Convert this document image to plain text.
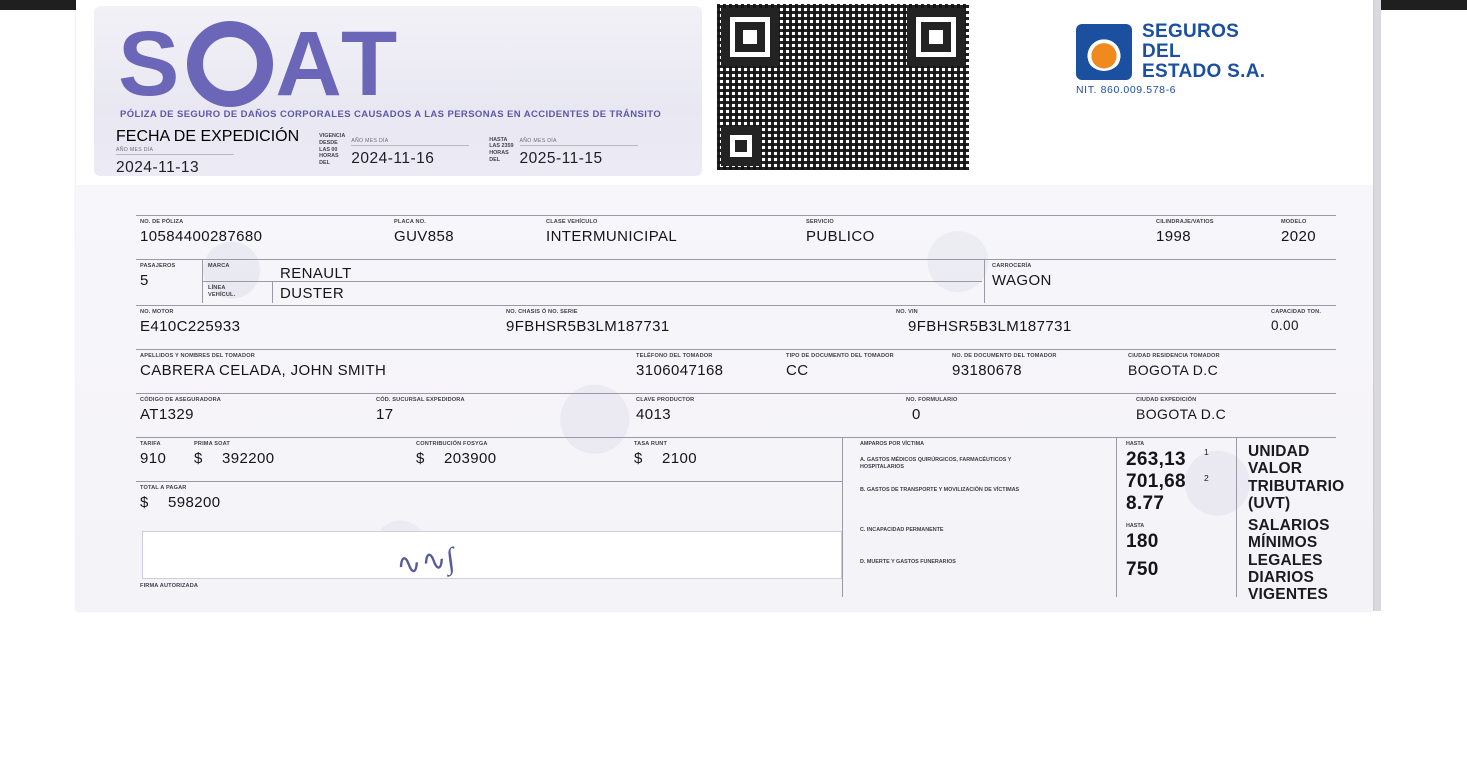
S AT
PÓLIZA DE SEGURO DE DAÑOS CORPORALES CAUSADOS A LAS PERSONAS EN ACCIDENTES DE TRÁNSITO
FECHA DE EXPEDICIÓN
AÑO MES DÍA
2024-11-13
VIGENCIA
DESDE
LAS 00
HORAS
DEL
AÑO MES DÍA
2024-11-16
HASTA
LAS 2359
HORAS
DEL
AÑO MES DÍA
2025-11-15
SEGUROS
DEL
ESTADO S.A.
NIT. 860.009.578-6
NO. DE PÓLIZA
10584400287680
PLACA NO.
GUV858
CLASE VEHÍCULO
INTERMUNICIPAL
SERVICIO
PUBLICO
CILINDRAJE/VATIOS
1998
MODELO
2020
PASAJEROS
5
MARCA	RENAULT
LÍNEA
VEHÍCUL.	DUSTER
CARROCERÍA
WAGON
NO. MOTOR
E410C225933
NO. CHASIS Ó NO. SERIE
9FBHSR5B3LM187731
NO. VIN
9FBHSR5B3LM187731
CAPACIDAD TON.
0.00
APELLIDOS Y NOMBRES DEL TOMADOR
CABRERA CELADA, JOHN SMITH
TELÉFONO DEL TOMADOR
3106047168
TIPO DE DOCUMENTO DEL TOMADOR
CC
NO. DE DOCUMENTO DEL TOMADOR
93180678
CIUDAD RESIDENCIA TOMADOR
BOGOTA D.C
CÓDIGO DE ASEGURADORA
AT1329
CÓD. SUCURSAL EXPEDIDORA
17
CLAVE PRODUCTOR
4013
NO. FORMULARIO
0
CIUDAD EXPEDICIÓN
BOGOTA D.C
TARIFA
910
PRIMA SOAT
$ 392200
CONTRIBUCIÓN FOSYGA
$ 203900
TASA RUNT
$ 2100
TOTAL A PAGAR
$ 598200
∿∿∫
FIRMA AUTORIZADA
AMPAROS POR VÍCTIMA
A. GASTOS MÉDICOS QUIRÚRGICOS, FARMACÉUTICOS Y HOSPITALARIOS
B. GASTOS DE TRANSPORTE Y MOVILIZACIÓN DE VÍCTIMAS
C. INCAPACIDAD PERMANENTE
D. MUERTE Y GASTOS FUNERARIOS
HASTA
263,13 1
701,68 2
8.77
HASTA
180
750
UNIDAD
VALOR
TRIBUTARIO
(UVT)
SALARIOS
MÍNIMOS
LEGALES
DIARIOS
VIGENTES
